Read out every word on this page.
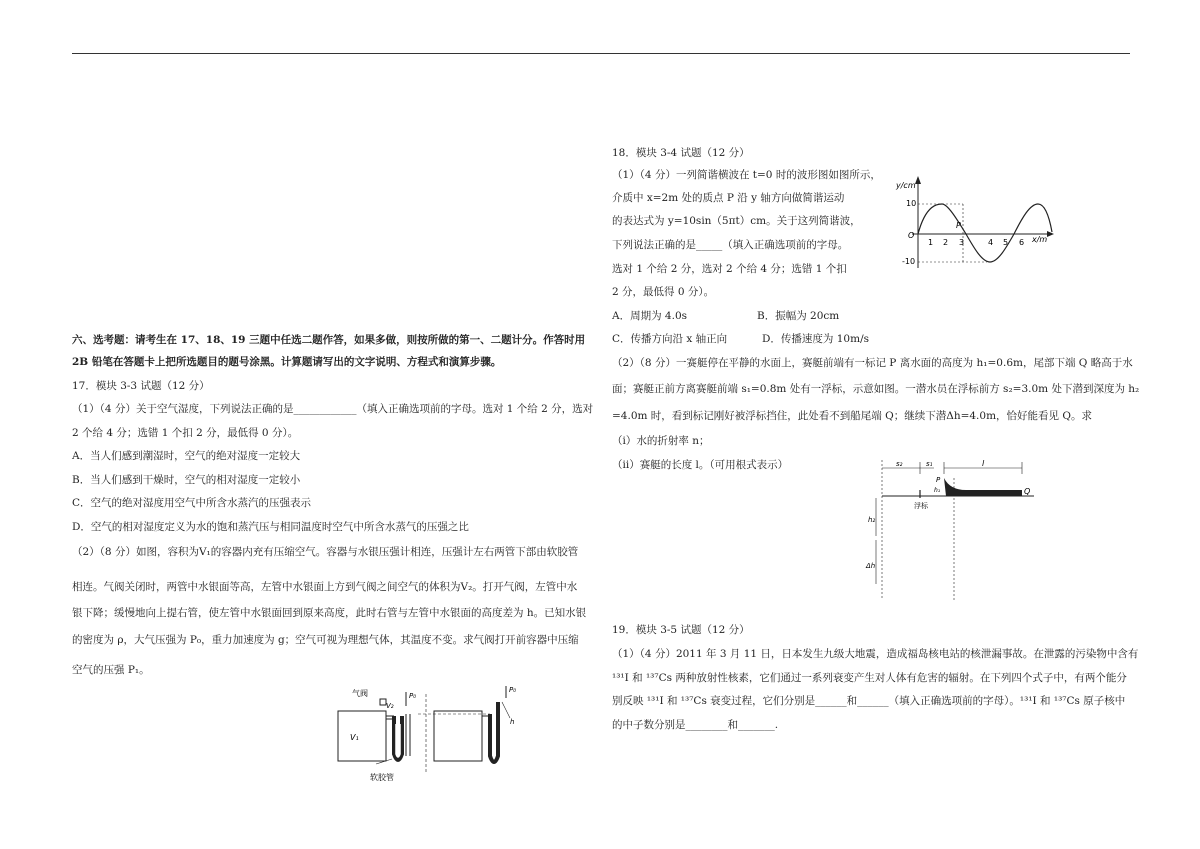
六、选考题：请考生在 17、18、19 三题中任选二题作答，如果多做，则按所做的第一、二题计分。作答时用
2B 铅笔在答题卡上把所选题目的题号涂黑。计算题请写出的文字说明、方程式和演算步骤。
17．模块 3-3 试题（12 分）
（1）（4 分）关于空气湿度，下列说法正确的是____________（填入正确选项前的字母。选对 1 个给 2 分，选对
2 个给 4 分；选错 1 个扣 2 分，最低得 0 分）。
A．当人们感到潮湿时，空气的绝对湿度一定较大
B．当人们感到干燥时，空气的相对湿度一定较小
C．空气的绝对湿度用空气中所含水蒸汽的压强表示
D．空气的相对湿度定义为水的饱和蒸汽压与相同温度时空气中所含水蒸气的压强之比
（2）（8 分）如图，容积为V₁的容器内充有压缩空气。容器与水银压强计相连，压强计左右两管下部由软胶管
相连。气阀关闭时，两管中水银面等高，左管中水银面上方到气阀之间空气的体积为V₂。打开气阀，左管中水
银下降；缓慢地向上提右管，使左管中水银面回到原来高度，此时右管与左管中水银面的高度差为 h。已知水银
的密度为 ρ，大气压强为 P₀，重力加速度为 g；空气可视为理想气体，其温度不变。求气阀打开前容器中压缩
空气的压强 P₁。
气阀
V₁
V₂
P₀
软胶管
P₀
h
18．模块 3-4 试题（12 分）
（1）（4 分）一列简谐横波在 t=0 时的波形图如图所示，
介质中 x=2m 处的质点 P 沿 y 轴方向做简谐运动
的表达式为 y=10sin（5πt）cm。关于这列简谐波，
下列说法正确的是_____（填入正确选项前的字母。
选对 1 个给 2 分，选对 2 个给 4 分；选错 1 个扣
2 分，最低得 0 分）。
A．周期为 4.0s	B．振幅为 20cm
C．传播方向沿 x 轴正向	D．传播速度为 10m/s
（2）（8 分）一赛艇停在平静的水面上，赛艇前端有一标记 P 离水面的高度为 h₁=0.6m，尾部下端 Q 略高于水
面；赛艇正前方离赛艇前端 s₁=0.8m 处有一浮标，示意如图。一潜水员在浮标前方 s₂=3.0m 处下潜到深度为 h₂
=4.0m 时，看到标记刚好被浮标挡住，此处看不到船尾端 Q；继续下潜Δh=4.0m，恰好能看见 Q。求
（i）水的折射率 n；
（ii）赛艇的长度 l。（可用根式表示）
y/cm
x/m
O
10
-10
1 2 3	4 5 6
P
s₂	s₁	l
P
Q
h₁
浮标
h₂
Δh
19．模块 3-5 试题（12 分）
（1）（4 分）2011 年 3 月 11 日，日本发生九级大地震，造成福岛核电站的核泄漏事故。在泄露的污染物中含有
¹³¹I 和 ¹³⁷Cs 两种放射性核素，它们通过一系列衰变产生对人体有危害的辐射。在下列四个式子中，有两个能分
别反映 ¹³¹I 和 ¹³⁷Cs 衰变过程，它们分别是______和______（填入正确选项前的字母）。¹³¹I 和 ¹³⁷Cs 原子核中
的中子数分别是________和_______.
